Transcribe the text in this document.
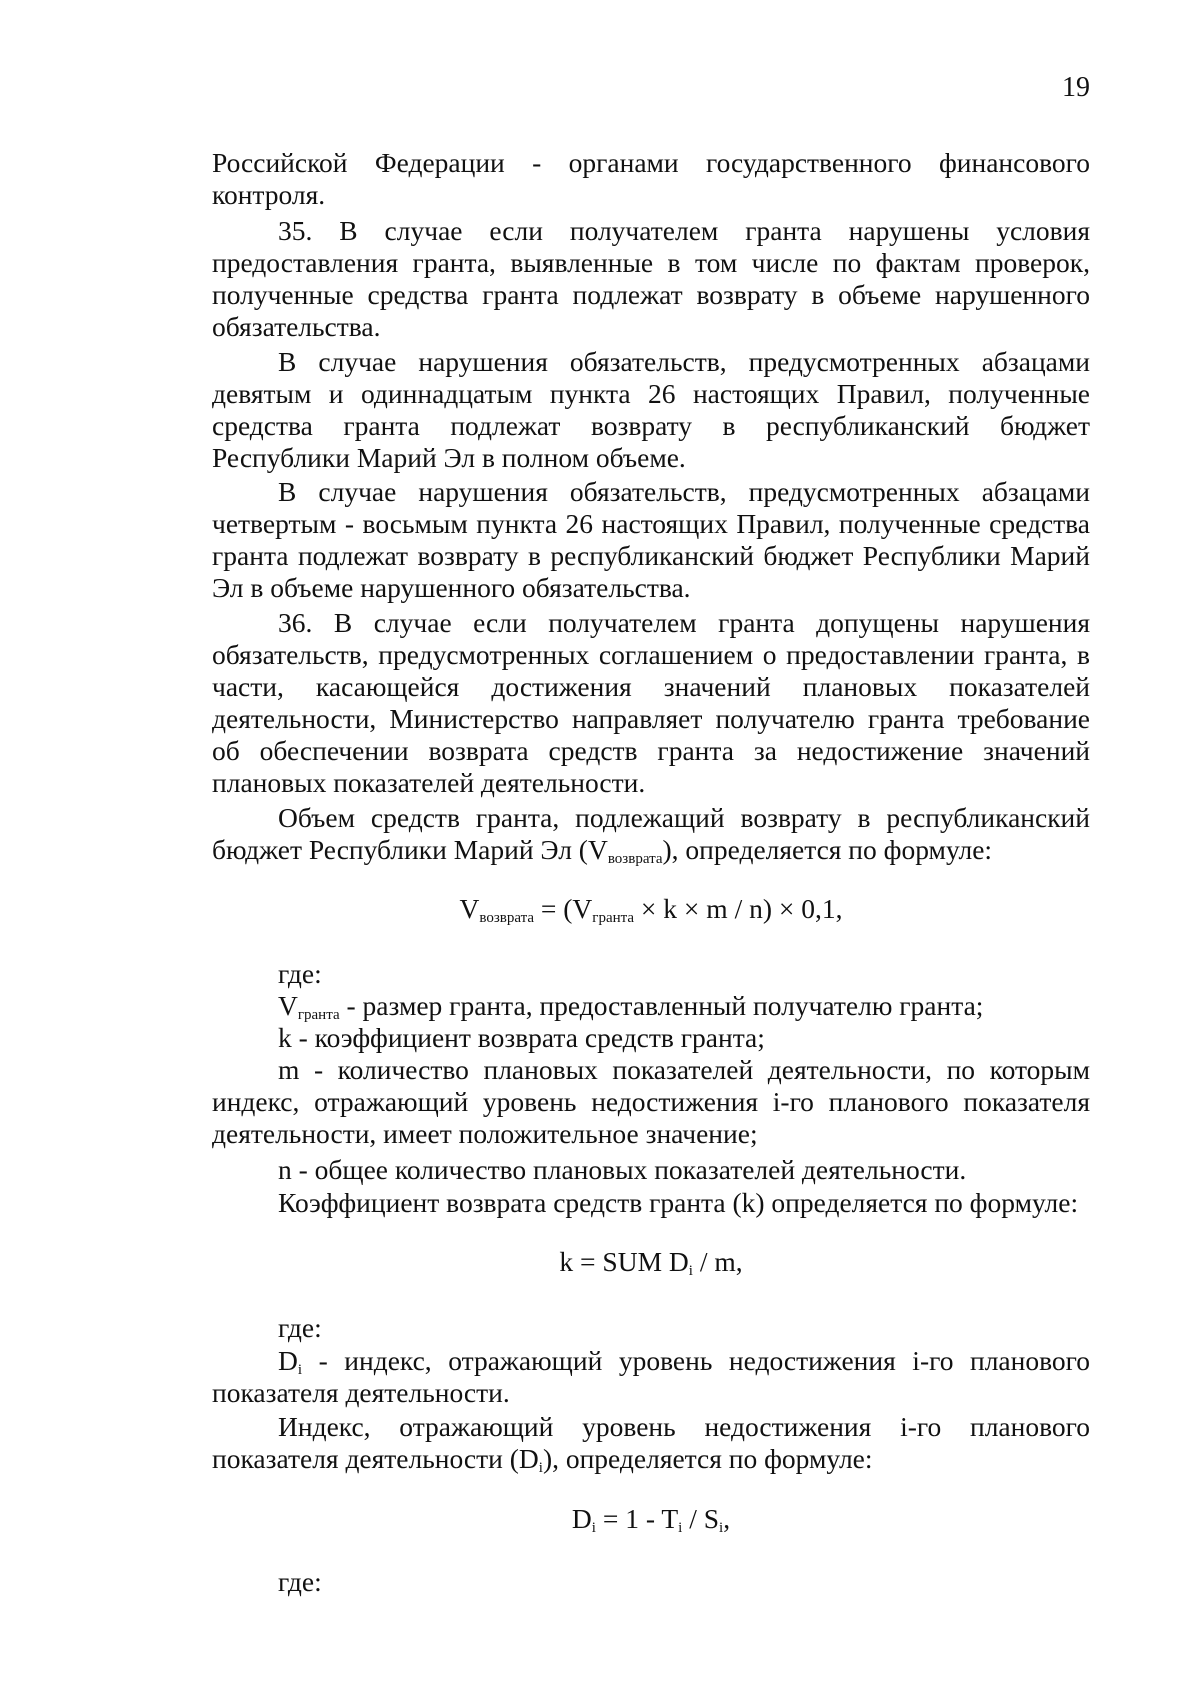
19

Российской Федерации - органами государственного финансового контроля.

35. В случае если получателем гранта нарушены условия предоставления гранта, выявленные в том числе по фактам проверок, полученные средства гранта подлежат возврату в объеме нарушенного обязательства.

В случае нарушения обязательств, предусмотренных абзацами девятым и одиннадцатым пункта 26 настоящих Правил, полученные средства гранта подлежат возврату в республиканский бюджет Республики Марий Эл в полном объеме.

В случае нарушения обязательств, предусмотренных абзацами четвертым - восьмым пункта 26 настоящих Правил, полученные средства гранта подлежат возврату в республиканский бюджет Республики Марий Эл в объеме нарушенного обязательства.

36. В случае если получателем гранта допущены нарушения обязательств, предусмотренных соглашением о предоставлении гранта, в части, касающейся достижения значений плановых показателей деятельности, Министерство направляет получателю гранта требование об обеспечении возврата средств гранта за недостижение значений плановых показателей деятельности.

Объем средств гранта, подлежащий возврату в республиканский бюджет Республики Марий Эл $(V_{возврата})$, определяется по формуле:

$V_{возврата} = (V_{гранта} \times k \times m / n) \times 0,1$,

где:

$V_{гранта}$ - размер гранта, предоставленный получателю гранта;

k - коэффициент возврата средств гранта;

m - количество плановых показателей деятельности, по которым индекс, отражающий уровень недостижения i-го планового показателя деятельности, имеет положительное значение;

n - общее количество плановых показателей деятельности.

Коэффициент возврата средств гранта (k) определяется по формуле:

k = SUM $D_i$ / m,

где:

$D_i$ - индекс, отражающий уровень недостижения i-го планового показателя деятельности.

Индекс, отражающий уровень недостижения i-го планового показателя деятельности $(D_i)$, определяется по формуле:

$D_i = 1 - T_i / S_i$,

где:
